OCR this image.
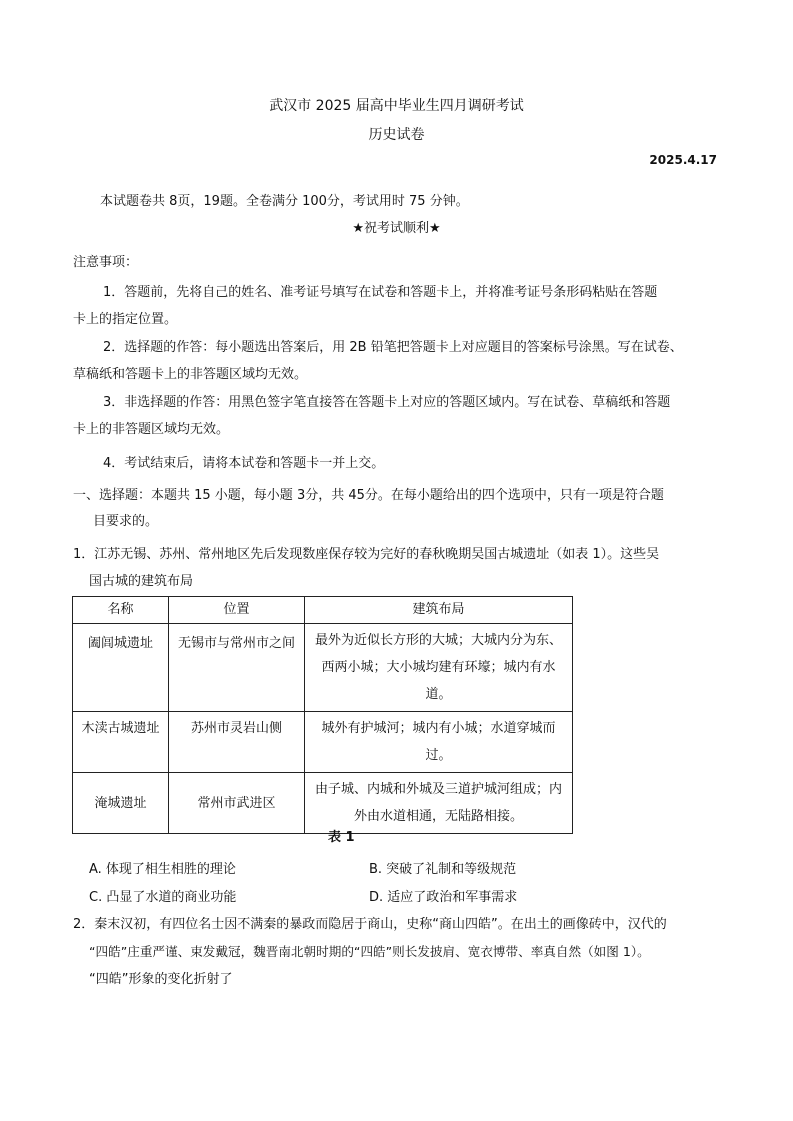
武汉市 2025 届高中毕业生四月调研考试
历史试卷
2025.4.17
本试题卷共 8页，19题。全卷满分 100分，考试用时 75 分钟。
★祝考试顺利★
注意事项：
1．答题前，先将自己的姓名、准考证号填写在试卷和答题卡上，并将准考证号条形码粘贴在答题
卡上的指定位置。
2．选择题的作答：每小题选出答案后，用 2B 铅笔把答题卡上对应题目的答案标号涂黑。写在试卷、
草稿纸和答题卡上的非答题区域均无效。
3．非选择题的作答：用黑色签字笔直接答在答题卡上对应的答题区域内。写在试卷、草稿纸和答题
卡上的非答题区域均无效。
4．考试结束后，请将本试卷和答题卡一并上交。
一、选择题：本题共 15 小题，每小题 3分，共 45分。在每小题给出的四个选项中，只有一项是符合题
目要求的。
1．江苏无锡、苏州、常州地区先后发现数座保存较为完好的春秋晚期吴国古城遗址（如表 1）。这些吴
国古城的建筑布局
名称	位置	建筑布局
阖闾城遗址	无锡市与常州市之间	最外为近似长方形的大城；大城内分为东、西两小城；大小城均建有环壕；城内有水道。
木渎古城遗址	苏州市灵岩山侧	城外有护城河；城内有小城；水道穿城而过。
淹城遗址	常州市武进区	由子城、内城和外城及三道护城河组成；内外由水道相通，无陆路相接。
表 1
A. 体现了相生相胜的理论	B. 突破了礼制和等级规范
C. 凸显了水道的商业功能	D. 适应了政治和军事需求
2．秦末汉初，有四位名士因不满秦的暴政而隐居于商山，史称“商山四皓”。在出土的画像砖中，汉代的
“四皓”庄重严谨、束发戴冠，魏晋南北朝时期的“四皓”则长发披肩、宽衣博带、率真自然（如图 1）。
“四皓”形象的变化折射了
